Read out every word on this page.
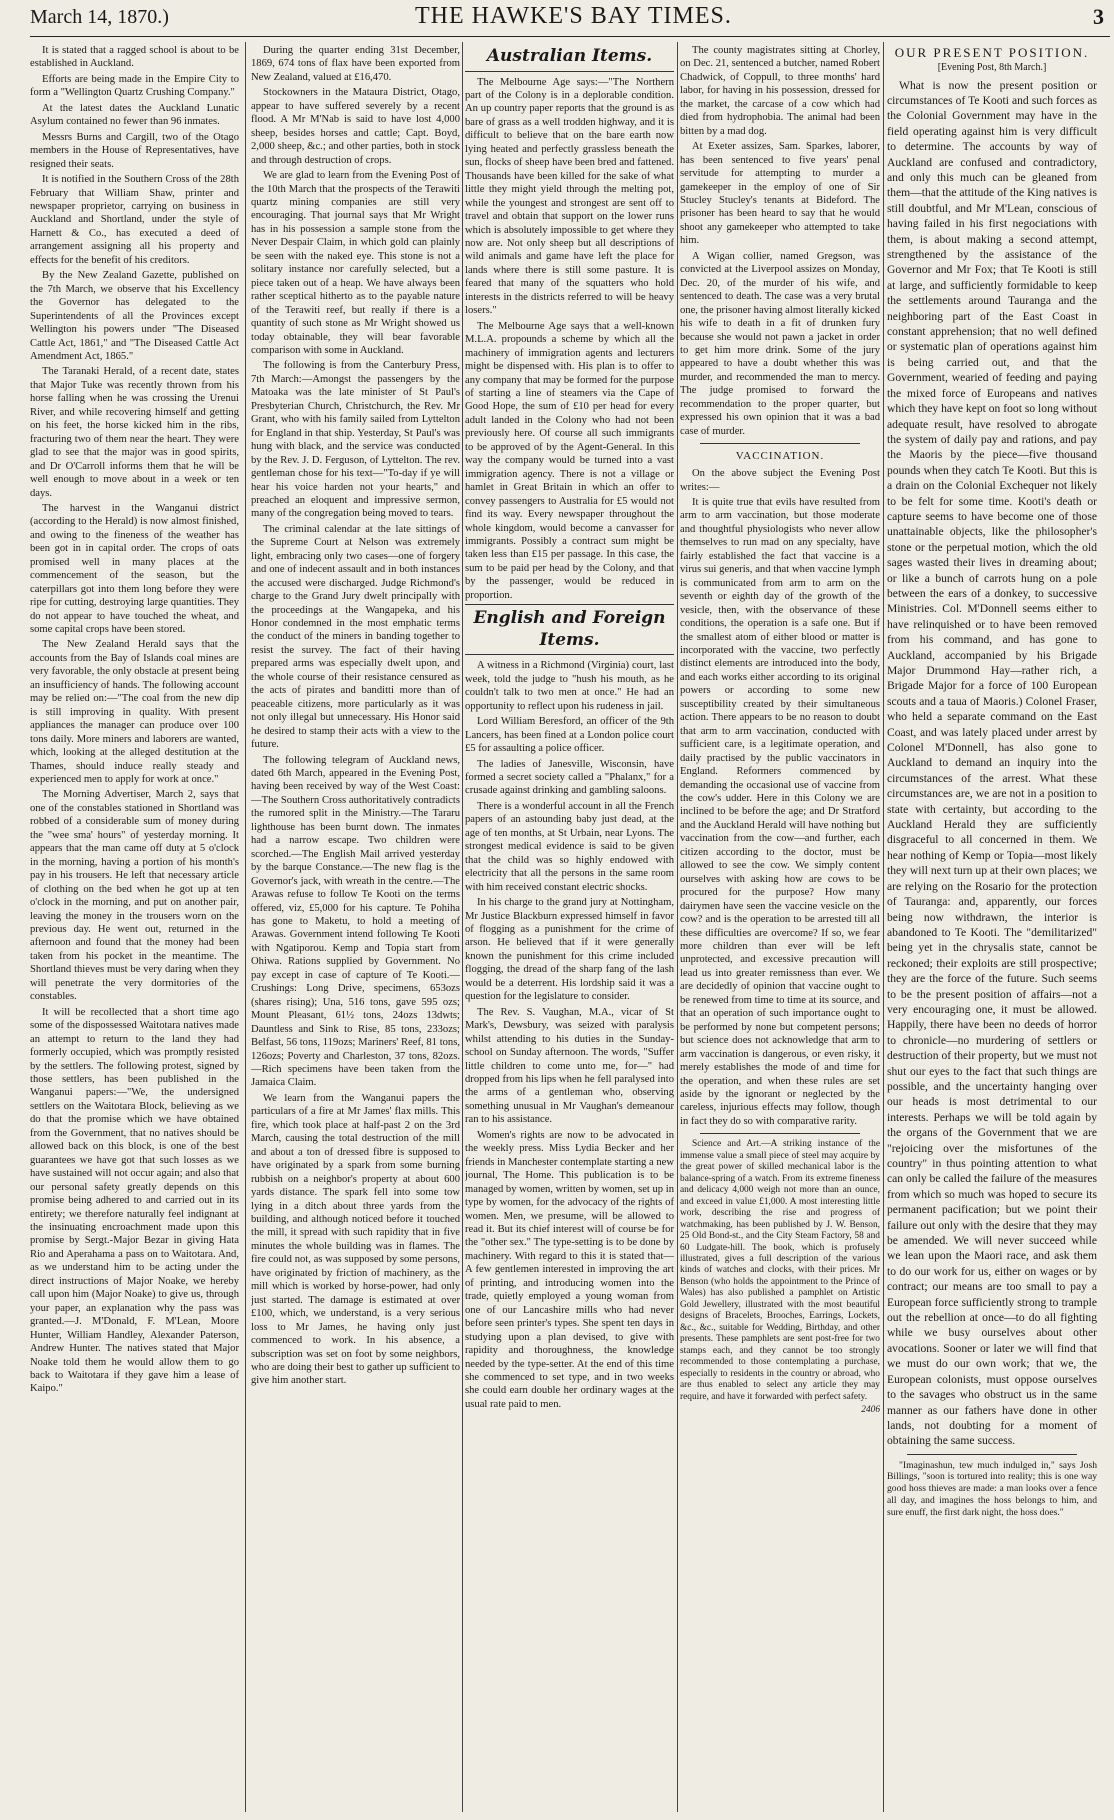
March 14, 1870.)	THE HAWKE'S BAY TIMES.	3

It is stated that a ragged school is about to be established in Auckland.

Efforts are being made in the Empire City to form a "Wellington Quartz Crushing Company."

At the latest dates the Auckland Lunatic Asylum contained no fewer than 96 inmates.

Messrs Burns and Cargill, two of the Otago members in the House of Representatives, have resigned their seats.

It is notified in the Southern Cross of the 28th February that William Shaw, printer and newspaper proprietor, carrying on business in Auckland and Shortland, under the style of Harnett & Co., has executed a deed of arrangement assigning all his property and effects for the benefit of his creditors.

By the New Zealand Gazette, published on the 7th March, we observe that his Excellency the Governor has delegated to the Superintendents of all the Provinces except Wellington his powers under "The Diseased Cattle Act, 1861," and "The Diseased Cattle Act Amendment Act, 1865."

The Taranaki Herald, of a recent date, states that Major Tuke was recently thrown from his horse falling when he was crossing the Urenui River, and while recovering himself and getting on his feet, the horse kicked him in the ribs, fracturing two of them near the heart. They were glad to see that the major was in good spirits, and Dr O'Carroll informs them that he will be well enough to move about in a week or ten days.

The harvest in the Wanganui district (according to the Herald) is now almost finished, and owing to the fineness of the weather has been got in in capital order. The crops of oats promised well in many places at the commencement of the season, but the caterpillars got into them long before they were ripe for cutting, destroying large quantities. They do not appear to have touched the wheat, and some capital crops have been stored.

The New Zealand Herald says that the accounts from the Bay of Islands coal mines are very favorable, the only obstacle at present being an insufficiency of hands. The following account may be relied on:—"The coal from the new dip is still improving in quality. With present appliances the manager can produce over 100 tons daily. More miners and laborers are wanted, which, looking at the alleged destitution at the Thames, should induce really steady and experienced men to apply for work at once."

The Morning Advertiser, March 2, says that one of the constables stationed in Shortland was robbed of a considerable sum of money during the "wee sma' hours" of yesterday morning. It appears that the man came off duty at 5 o'clock in the morning, having a portion of his month's pay in his trousers. He left that necessary article of clothing on the bed when he got up at ten o'clock in the morning, and put on another pair, leaving the money in the trousers worn on the previous day. He went out, returned in the afternoon and found that the money had been taken from his pocket in the meantime. The Shortland thieves must be very daring when they will penetrate the very dormitories of the constables.

It will be recollected that a short time ago some of the dispossessed Waitotara natives made an attempt to return to the land they had formerly occupied, which was promptly resisted by the settlers. The following protest, signed by those settlers, has been published in the Wanganui papers:—"We, the undersigned settlers on the Waitotara Block, believing as we do that the promise which we have obtained from the Government, that no natives should be allowed back on this block, is one of the best guarantees we have got that such losses as we have sustained will not occur again; and also that our personal safety greatly depends on this promise being adhered to and carried out in its entirety; we therefore naturally feel indignant at the insinuating encroachment made upon this promise by Sergt.-Major Bezar in giving Hata Rio and Aperahama a pass on to Waitotara. And, as we understand him to be acting under the direct instructions of Major Noake, we hereby call upon him (Major Noake) to give us, through your paper, an explanation why the pass was granted.—J. M'Donald, F. M'Lean, Moore Hunter, William Handley, Alexander Paterson, Andrew Hunter. The natives stated that Major Noake told them he would allow them to go back to Waitotara if they gave him a lease of Kaipo."

During the quarter ending 31st December, 1869, 674 tons of flax have been exported from New Zealand, valued at £16,470.

Stockowners in the Mataura District, Otago, appear to have suffered severely by a recent flood. A Mr M'Nab is said to have lost 4,000 sheep, besides horses and cattle; Capt. Boyd, 2,000 sheep, &c.; and other parties, both in stock and through destruction of crops.

We are glad to learn from the Evening Post of the 10th March that the prospects of the Terawiti quartz mining companies are still very encouraging. That journal says that Mr Wright has in his possession a sample stone from the Never Despair Claim, in which gold can plainly be seen with the naked eye. This stone is not a solitary instance nor carefully selected, but a piece taken out of a heap. We have always been rather sceptical hitherto as to the payable nature of the Terawiti reef, but really if there is a quantity of such stone as Mr Wright showed us today obtainable, they will bear favorable comparison with some in Auckland.

The following is from the Canterbury Press, 7th March:—Amongst the passengers by the Matoaka was the late minister of St Paul's Presbyterian Church, Christchurch, the Rev. Mr Grant, who with his family sailed from Lyttelton for England in that ship. Yesterday, St Paul's was hung with black, and the service was conducted by the Rev. J. D. Ferguson, of Lyttelton. The rev. gentleman chose for his text—"To-day if ye will hear his voice harden not your hearts," and preached an eloquent and impressive sermon, many of the congregation being moved to tears.

The criminal calendar at the late sittings of the Supreme Court at Nelson was extremely light, embracing only two cases—one of forgery and one of indecent assault and in both instances the accused were discharged. Judge Richmond's charge to the Grand Jury dwelt principally with the proceedings at the Wangapeka, and his Honor condemned in the most emphatic terms the conduct of the miners in banding together to resist the survey. The fact of their having prepared arms was especially dwelt upon, and the whole course of their resistance censured as the acts of pirates and banditti more than of peaceable citizens, more particularly as it was not only illegal but unnecessary. His Honor said he desired to stamp their acts with a view to the future.

The following telegram of Auckland news, dated 6th March, appeared in the Evening Post, having been received by way of the West Coast:—The Southern Cross authoritatively contradicts the rumored split in the Ministry.—The Tararu lighthouse has been burnt down. The inmates had a narrow escape. Two children were scorched.—The English Mail arrived yesterday by the barque Constance.—The new flag is the Governor's jack, with wreath in the centre.—The Arawas refuse to follow Te Kooti on the terms offered, viz, £5,000 for his capture. Te Pohiha has gone to Maketu, to hold a meeting of Arawas. Government intend following Te Kooti with Ngatiporou. Kemp and Topia start from Ohiwa. Rations supplied by Government. No pay except in case of capture of Te Kooti.—Crushings: Long Drive, specimens, 653ozs (shares rising); Una, 516 tons, gave 595 ozs; Mount Pleasant, 61½ tons, 24ozs 13dwts; Dauntless and Sink to Rise, 85 tons, 233ozs; Belfast, 56 tons, 119ozs; Mariners' Reef, 81 tons, 126ozs; Poverty and Charleston, 37 tons, 82ozs.—Rich specimens have been taken from the Jamaica Claim.

We learn from the Wanganui papers the particulars of a fire at Mr James' flax mills. This fire, which took place at half-past 2 on the 3rd March, causing the total destruction of the mill and about a ton of dressed fibre is supposed to have originated by a spark from some burning rubbish on a neighbor's property at about 600 yards distance. The spark fell into some tow lying in a ditch about three yards from the building, and although noticed before it touched the mill, it spread with such rapidity that in five minutes the whole building was in flames. The fire could not, as was supposed by some persons, have originated by friction of machinery, as the mill which is worked by horse-power, had only just started. The damage is estimated at over £100, which, we understand, is a very serious loss to Mr James, he having only just commenced to work. In his absence, a subscription was set on foot by some neighbors, who are doing their best to gather up sufficient to give him another start.

Australian Items.

The Melbourne Age says:—"The Northern part of the Colony is in a deplorable condition. An up country paper reports that the ground is as bare of grass as a well trodden highway, and it is difficult to believe that on the bare earth now lying heated and perfectly grassless beneath the sun, flocks of sheep have been bred and fattened. Thousands have been killed for the sake of what little they might yield through the melting pot, while the youngest and strongest are sent off to travel and obtain that support on the lower runs which is absolutely impossible to get where they now are. Not only sheep but all descriptions of wild animals and game have left the place for lands where there is still some pasture. It is feared that many of the squatters who hold interests in the districts referred to will be heavy losers."

The Melbourne Age says that a well-known M.L.A. propounds a scheme by which all the machinery of immigration agents and lecturers might be dispensed with. His plan is to offer to any company that may be formed for the purpose of starting a line of steamers via the Cape of Good Hope, the sum of £10 per head for every adult landed in the Colony who had not been previously here. Of course all such immigrants to be approved of by the Agent-General. In this way the company would be turned into a vast immigration agency. There is not a village or hamlet in Great Britain in which an offer to convey passengers to Australia for £5 would not find its way. Every newspaper throughout the whole kingdom, would become a canvasser for immigrants. Possibly a contract sum might be taken less than £15 per passage. In this case, the sum to be paid per head by the Colony, and that by the passenger, would be reduced in proportion.

English and Foreign Items.

A witness in a Richmond (Virginia) court, last week, told the judge to "hush his mouth, as he couldn't talk to two men at once." He had an opportunity to reflect upon his rudeness in jail.

Lord William Beresford, an officer of the 9th Lancers, has been fined at a London police court £5 for assaulting a police officer.

The ladies of Janesville, Wisconsin, have formed a secret society called a "Phalanx," for a crusade against drinking and gambling saloons.

There is a wonderful account in all the French papers of an astounding baby just dead, at the age of ten months, at St Urbain, near Lyons. The strongest medical evidence is said to be given that the child was so highly endowed with electricity that all the persons in the same room with him received constant electric shocks.

In his charge to the grand jury at Nottingham, Mr Justice Blackburn expressed himself in favor of flogging as a punishment for the crime of arson. He believed that if it were generally known the punishment for this crime included flogging, the dread of the sharp fang of the lash would be a deterrent. His lordship said it was a question for the legislature to consider.

The Rev. S. Vaughan, M.A., vicar of St Mark's, Dewsbury, was seized with paralysis whilst attending to his duties in the Sunday-school on Sunday afternoon. The words, "Suffer little children to come unto me, for—" had dropped from his lips when he fell paralysed into the arms of a gentleman who, observing something unusual in Mr Vaughan's demeanour ran to his assistance.

Women's rights are now to be advocated in the weekly press. Miss Lydia Becker and her friends in Manchester contemplate starting a new journal, The Home. This publication is to be managed by women, written by women, set up in type by women, for the advocacy of the rights of women. Men, we presume, will be allowed to read it. But its chief interest will of course be for the "other sex." The type-setting is to be done by machinery. With regard to this it is stated that—A few gentlemen interested in improving the art of printing, and introducing women into the trade, quietly employed a young woman from one of our Lancashire mills who had never before seen printer's types. She spent ten days in studying upon a plan devised, to give with rapidity and thoroughness, the knowledge needed by the type-setter. At the end of this time she commenced to set type, and in two weeks she could earn double her ordinary wages at the usual rate paid to men.

The county magistrates sitting at Chorley, on Dec. 21, sentenced a butcher, named Robert Chadwick, of Coppull, to three months' hard labor, for having in his possession, dressed for the market, the carcase of a cow which had died from hydrophobia. The animal had been bitten by a mad dog.

At Exeter assizes, Sam. Sparkes, laborer, has been sentenced to five years' penal servitude for attempting to murder a gamekeeper in the employ of one of Sir Stucley Stucley's tenants at Bideford. The prisoner has been heard to say that he would shoot any gamekeeper who attempted to take him.

A Wigan collier, named Gregson, was convicted at the Liverpool assizes on Monday, Dec. 20, of the murder of his wife, and sentenced to death. The case was a very brutal one, the prisoner having almost literally kicked his wife to death in a fit of drunken fury because she would not pawn a jacket in order to get him more drink. Some of the jury appeared to have a doubt whether this was murder, and recommended the man to mercy. The judge promised to forward the recommendation to the proper quarter, but expressed his own opinion that it was a bad case of murder.

VACCINATION.

On the above subject the Evening Post writes:—

It is quite true that evils have resulted from arm to arm vaccination, but those moderate and thoughtful physiologists who never allow themselves to run mad on any specialty, have fairly established the fact that vaccine is a virus sui generis, and that when vaccine lymph is communicated from arm to arm on the seventh or eighth day of the growth of the vesicle, then, with the observance of these conditions, the operation is a safe one. But if the smallest atom of either blood or matter is incorporated with the vaccine, two perfectly distinct elements are introduced into the body, and each works either according to its original powers or according to some new susceptibility created by their simultaneous action. There appears to be no reason to doubt that arm to arm vaccination, conducted with sufficient care, is a legitimate operation, and daily practised by the public vaccinators in England. Reformers commenced by demanding the occasional use of vaccine from the cow's udder. Here in this Colony we are inclined to be before the age; and Dr Stratford and the Auckland Herald will have nothing but vaccination from the cow—and further, each citizen according to the doctor, must be allowed to see the cow. We simply content ourselves with asking how are cows to be procured for the purpose? How many dairymen have seen the vaccine vesicle on the cow? and is the operation to be arrested till all these difficulties are overcome? If so, we fear more children than ever will be left unprotected, and excessive precaution will lead us into greater remissness than ever. We are decidedly of opinion that vaccine ought to be renewed from time to time at its source, and that an operation of such importance ought to be performed by none but competent persons; but science does not acknowledge that arm to arm vaccination is dangerous, or even risky, it merely establishes the mode of and time for the operation, and when these rules are set aside by the ignorant or neglected by the careless, injurious effects may follow, though in fact they do so with comparative rarity.

Science and Art.—A striking instance of the immense value a small piece of steel may acquire by the great power of skilled mechanical labor is the balance-spring of a watch. From its extreme fineness and delicacy 4,000 weigh not more than an ounce, and exceed in value £1,000. A most interesting little work, describing the rise and progress of watchmaking, has been published by J. W. Benson, 25 Old Bond-st., and the City Steam Factory, 58 and 60 Ludgate-hill. The book, which is profusely illustrated, gives a full description of the various kinds of watches and clocks, with their prices. Mr Benson (who holds the appointment to the Prince of Wales) has also published a pamphlet on Artistic Gold Jewellery, illustrated with the most beautiful designs of Bracelets, Brooches, Earrings, Lockets, &c., &c., suitable for Wedding, Birthday, and other presents. These pamphlets are sent post-free for two stamps each, and they cannot be too strongly recommended to those contemplating a purchase, especially to residents in the country or abroad, who are thus enabled to select any article they may require, and have it forwarded with perfect safety.

2406
OUR PRESENT POSITION.
[Evening Post, 8th March.]

What is now the present position or circumstances of Te Kooti and such forces as the Colonial Government may have in the field operating against him is very difficult to determine. The accounts by way of Auckland are confused and contradictory, and only this much can be gleaned from them—that the attitude of the King natives is still doubtful, and Mr M'Lean, conscious of having failed in his first negociations with them, is about making a second attempt, strengthened by the assistance of the Governor and Mr Fox; that Te Kooti is still at large, and sufficiently formidable to keep the settlements around Tauranga and the neighboring part of the East Coast in constant apprehension; that no well defined or systematic plan of operations against him is being carried out, and that the Government, wearied of feeding and paying the mixed force of Europeans and natives which they have kept on foot so long without adequate result, have resolved to abrogate the system of daily pay and rations, and pay the Maoris by the piece—five thousand pounds when they catch Te Kooti. But this is a drain on the Colonial Exchequer not likely to be felt for some time. Kooti's death or capture seems to have become one of those unattainable objects, like the philosopher's stone or the perpetual motion, which the old sages wasted their lives in dreaming about; or like a bunch of carrots hung on a pole between the ears of a donkey, to successive Ministries. Col. M'Donnell seems either to have relinquished or to have been removed from his command, and has gone to Auckland, accompanied by his Brigade Major Drummond Hay—rather rich, a Brigade Major for a force of 100 European scouts and a taua of Maoris.) Colonel Fraser, who held a separate command on the East Coast, and was lately placed under arrest by Colonel M'Donnell, has also gone to Auckland to demand an inquiry into the circumstances of the arrest. What these circumstances are, we are not in a position to state with certainty, but according to the Auckland Herald they are sufficiently disgraceful to all concerned in them. We hear nothing of Kemp or Topia—most likely they will next turn up at their own places; we are relying on the Rosario for the protection of Tauranga: and, apparently, our forces being now withdrawn, the interior is abandoned to Te Kooti. The "demilitarized" being yet in the chrysalis state, cannot be reckoned; their exploits are still prospective; they are the force of the future. Such seems to be the present position of affairs—not a very encouraging one, it must be allowed. Happily, there have been no deeds of horror to chronicle—no murdering of settlers or destruction of their property, but we must not shut our eyes to the fact that such things are possible, and the uncertainty hanging over our heads is most detrimental to our interests. Perhaps we will be told again by the organs of the Government that we are "rejoicing over the misfortunes of the country" in thus pointing attention to what can only be called the failure of the measures from which so much was hoped to secure its permanent pacification; but we point their failure out only with the desire that they may be amended. We will never succeed while we lean upon the Maori race, and ask them to do our work for us, either on wages or by contract; our means are too small to pay a European force sufficiently strong to trample out the rebellion at once—to do all fighting while we busy ourselves about other avocations. Sooner or later we will find that we must do our own work; that we, the European colonists, must oppose ourselves to the savages who obstruct us in the same manner as our fathers have done in other lands, not doubting for a moment of obtaining the same success.

"Imaginashun, tew much indulged in," says Josh Billings, "soon is tortured into reality; this is one way good hoss thieves are made: a man looks over a fence all day, and imagines the hoss belongs to him, and sure enuff, the first dark night, the hoss does."
